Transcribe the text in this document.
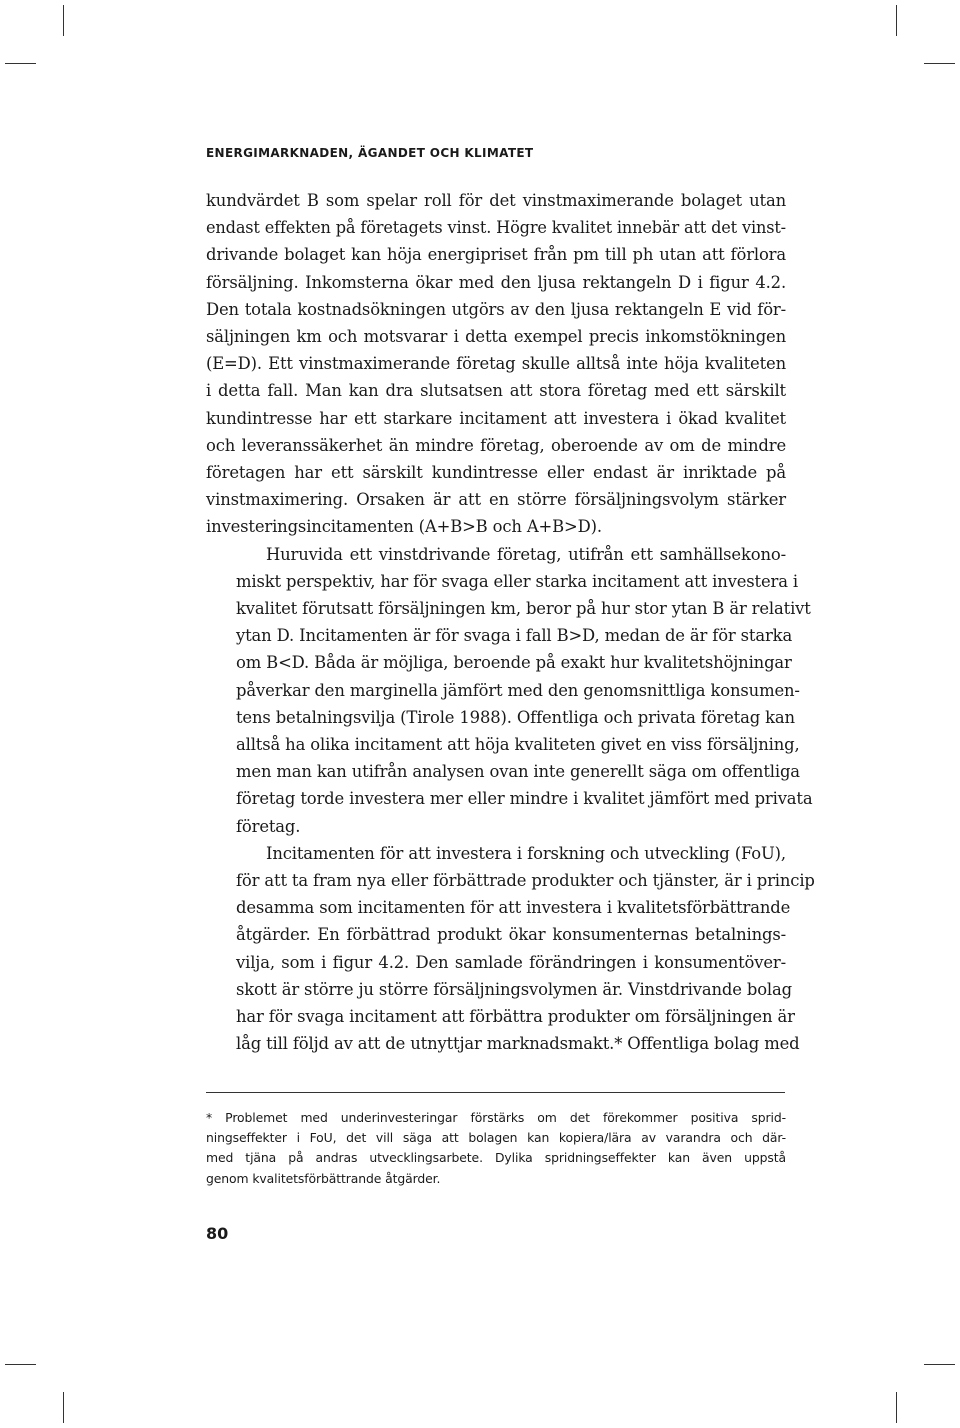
ENERGIMARKNADEN, ÄGANDET OCH KLIMATET

kundvärdet B som spelar roll för det vinstmaximerande bolaget utan
endast effekten på företagets vinst. Högre kvalitet innebär att det vinst-
drivande bolaget kan höja energipriset från pm till ph utan att förlora
försäljning. Inkomsterna ökar med den ljusa rektangeln D i figur 4.2.
Den totala kostnadsökningen utgörs av den ljusa rektangeln E vid för-
säljningen km och motsvarar i detta exempel precis inkomstökningen
(E=D). Ett vinstmaximerande företag skulle alltså inte höja kvaliteten
i detta fall. Man kan dra slutsatsen att stora företag med ett särskilt
kundintresse har ett starkare incitament att investera i ökad kvalitet
och leveranssäkerhet än mindre företag, oberoende av om de mindre
företagen har ett särskilt kundintresse eller endast är inriktade på
vinstmaximering. Orsaken är att en större försäljningsvolym stärker
investeringsincitamenten (A+B>B och A+B>D).

Huruvida ett vinstdrivande företag, utifrån ett samhällsekono-
miskt perspektiv, har för svaga eller starka incitament att investera i
kvalitet förutsatt försäljningen km, beror på hur stor ytan B är relativt
ytan D. Incitamenten är för svaga i fall B>D, medan de är för starka
om B<D. Båda är möjliga, beroende på exakt hur kvalitetshöjningar
påverkar den marginella jämfört med den genomsnittliga konsumen-
tens betalningsvilja (Tirole 1988). Offentliga och privata företag kan
alltså ha olika incitament att höja kvaliteten givet en viss försäljning,
men man kan utifrån analysen ovan inte generellt säga om offentliga
företag torde investera mer eller mindre i kvalitet jämfört med privata
företag.

Incitamenten för att investera i forskning och utveckling (FoU),
för att ta fram nya eller förbättrade produkter och tjänster, är i princip
desamma som incitamenten för att investera i kvalitetsförbättrande
åtgärder. En förbättrad produkt ökar konsumenternas betalnings-
vilja, som i figur 4.2. Den samlade förändringen i konsumentöver-
skott är större ju större försäljningsvolymen är. Vinstdrivande bolag
har för svaga incitament att förbättra produkter om försäljningen är
låg till följd av att de utnyttjar marknadsmakt.* Offentliga bolag med

* Problemet med underinvesteringar förstärks om det förekommer positiva sprid-
ningseffekter i FoU, det vill säga att bolagen kan kopiera/lära av varandra och där-
med tjäna på andras utvecklingsarbete. Dylika spridningseffekter kan även uppstå
genom kvalitetsförbättrande åtgärder.
80
